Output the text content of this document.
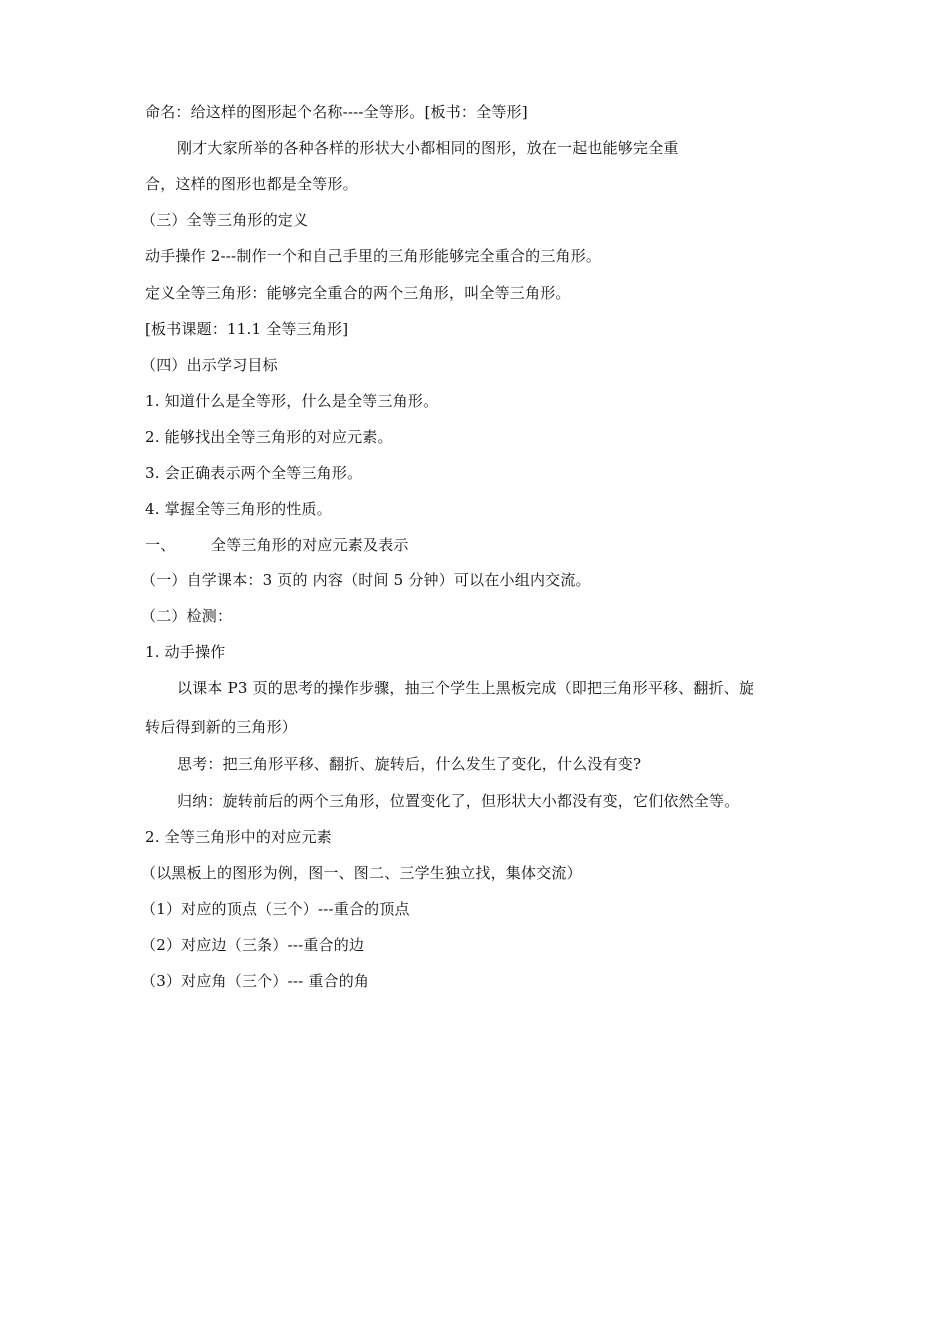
命名：给这样的图形起个名称----全等形。[板书：全等形]
刚才大家所举的各种各样的形状大小都相同的图形，放在一起也能够完全重
合，这样的图形也都是全等形。
（三）全等三角形的定义
动手操作 2---制作一个和自己手里的三角形能够完全重合的三角形。
定义全等三角形：能够完全重合的两个三角形，叫全等三角形。
[板书课题：11.1 全等三角形]
（四）出示学习目标
1. 知道什么是全等形，什么是全等三角形。
2. 能够找出全等三角形的对应元素。
3. 会正确表示两个全等三角形。
4. 掌握全等三角形的性质。
一、 全等三角形的对应元素及表示
（一）自学课本：3 页的 内容（时间 5 分钟）可以在小组内交流。
（二）检测：
1. 动手操作
以课本 P3 页的思考的操作步骤，抽三个学生上黑板完成（即把三角形平移、翻折、旋
转后得到新的三角形）
思考：把三角形平移、翻折、旋转后，什么发生了变化，什么没有变?
归纳：旋转前后的两个三角形，位置变化了，但形状大小都没有变，它们依然全等。
2. 全等三角形中的对应元素
（以黑板上的图形为例，图一、图二、三学生独立找，集体交流）
（1）对应的顶点（三个）---重合的顶点
（2）对应边（三条）---重合的边
（3）对应角（三个）--- 重合的角
